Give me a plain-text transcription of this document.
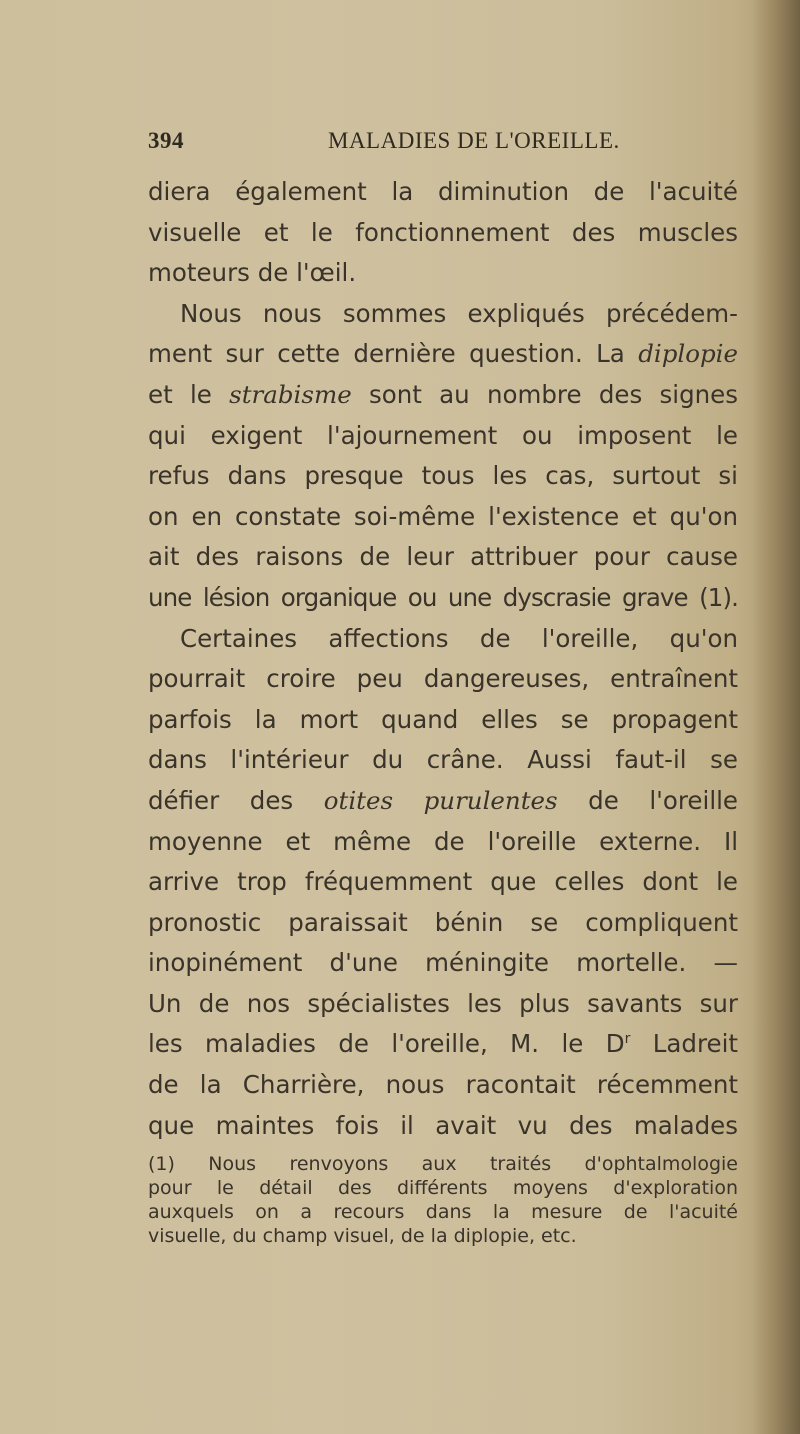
394	MALADIES DE L'OREILLE.
diera également la diminution de l'acuité
visuelle et le fonctionnement des muscles
moteurs de l'œil.
Nous nous sommes expliqués précédem-
ment sur cette dernière question. La diplopie
et le strabisme sont au nombre des signes
qui exigent l'ajournement ou imposent le
refus dans presque tous les cas, surtout si
on en constate soi-même l'existence et qu'on
ait des raisons de leur attribuer pour cause
une lésion organique ou une dyscrasie grave (1).
Certaines affections de l'oreille, qu'on
pourrait croire peu dangereuses, entraînent
parfois la mort quand elles se propagent
dans l'intérieur du crâne. Aussi faut-il se
défier des otites purulentes de l'oreille
moyenne et même de l'oreille externe. Il
arrive trop fréquemment que celles dont le
pronostic paraissait bénin se compliquent
inopinément d'une méningite mortelle. —
Un de nos spécialistes les plus savants sur
les maladies de l'oreille, M. le $D^r$ Ladreit
de la Charrière, nous racontait récemment
que maintes fois il avait vu des malades
(1) Nous renvoyons aux traités d'ophtalmologie
pour le détail des différents moyens d'exploration
auxquels on a recours dans la mesure de l'acuité
visuelle, du champ visuel, de la diplopie, etc.
